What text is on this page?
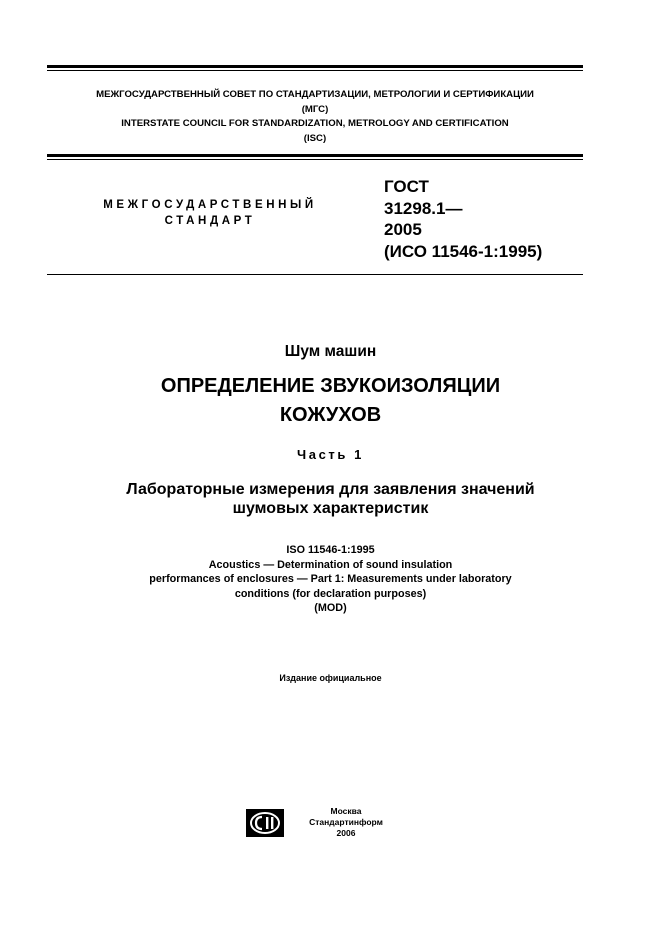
МЕЖГОСУДАРСТВЕННЫЙ СОВЕТ ПО СТАНДАРТИЗАЦИИ, МЕТРОЛОГИИ И СЕРТИФИКАЦИИ
(МГС)
INTERSTATE COUNCIL FOR STANDARDIZATION, METROLOGY AND CERTIFICATION
(ISC)
МЕЖГОСУДАРСТВЕННЫЙ
СТАНДАРТ
ГОСТ
31298.1—
2005
(ИСО 11546-1:1995)
Шум машин
ОПРЕДЕЛЕНИЕ ЗВУКОИЗОЛЯЦИИ
КОЖУХОВ
Часть 1
Лабораторные измерения для заявления значений
шумовых характеристик
ISO 11546-1:1995
Acoustics — Determination of sound insulation
performances of enclosures — Part 1: Measurements under laboratory
conditions (for declaration purposes)
(MOD)
Издание официальное
Москва
Стандартинформ
2006
